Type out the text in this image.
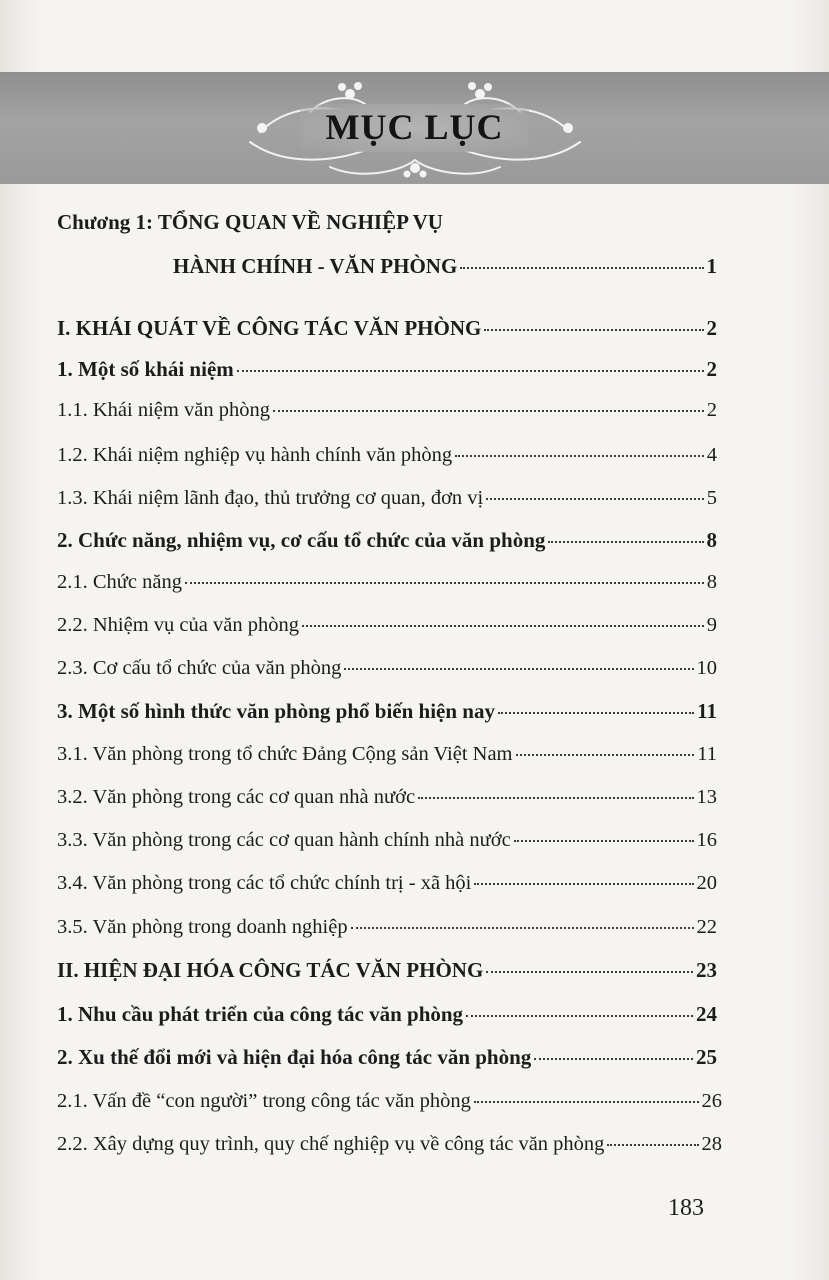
MỤC LỤC
Chương 1: TỔNG QUAN VỀ NGHIỆP VỤ
HÀNH CHÍNH - VĂN PHÒNG	1
I. KHÁI QUÁT VỀ CÔNG TÁC VĂN PHÒNG	2
1. Một số khái niệm	2
1.1. Khái niệm văn phòng	2
1.2. Khái niệm nghiệp vụ hành chính văn phòng	4
1.3. Khái niệm lãnh đạo, thủ trưởng cơ quan, đơn vị	5
2. Chức năng, nhiệm vụ, cơ cấu tổ chức của văn phòng	8
2.1. Chức năng	8
2.2. Nhiệm vụ của văn phòng	9
2.3. Cơ cấu tổ chức của văn phòng	10
3. Một số hình thức văn phòng phổ biến hiện nay	11
3.1. Văn phòng trong tổ chức Đảng Cộng sản Việt Nam	11
3.2. Văn phòng trong các cơ quan nhà nước	13
3.3. Văn phòng trong các cơ quan hành chính nhà nước	16
3.4. Văn phòng trong các tổ chức chính trị - xã hội	20
3.5. Văn phòng trong doanh nghiệp	22
II. HIỆN ĐẠI HÓA CÔNG TÁC VĂN PHÒNG	23
1. Nhu cầu phát triển của công tác văn phòng	24
2. Xu thế đổi mới và hiện đại hóa công tác văn phòng	25
2.1. Vấn đề “con người” trong công tác văn phòng	26
2.2. Xây dựng quy trình, quy chế nghiệp vụ về công tác văn phòng	28
183
